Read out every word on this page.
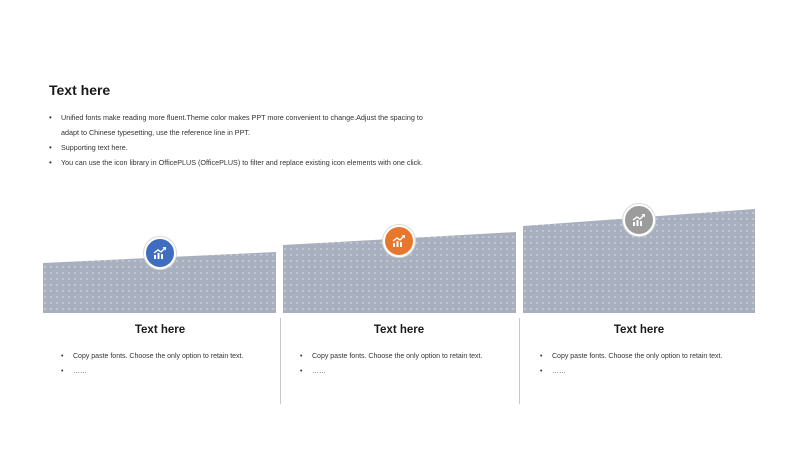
Text here
• Unified fonts make reading more fluent.Theme color makes PPT more convenient to change.Adjust the spacing to adapt to Chinese typesetting, use the reference line in PPT.
• Supporting text here.
• You can use the icon library in OfficePLUS (OfficePLUS) to filter and replace existing icon elements with one click.
Text here
• Copy paste fonts. Choose the only option to retain text.
• ……
Text here
• Copy paste fonts. Choose the only option to retain text.
• ……
Text here
• Copy paste fonts. Choose the only option to retain text.
• ……
